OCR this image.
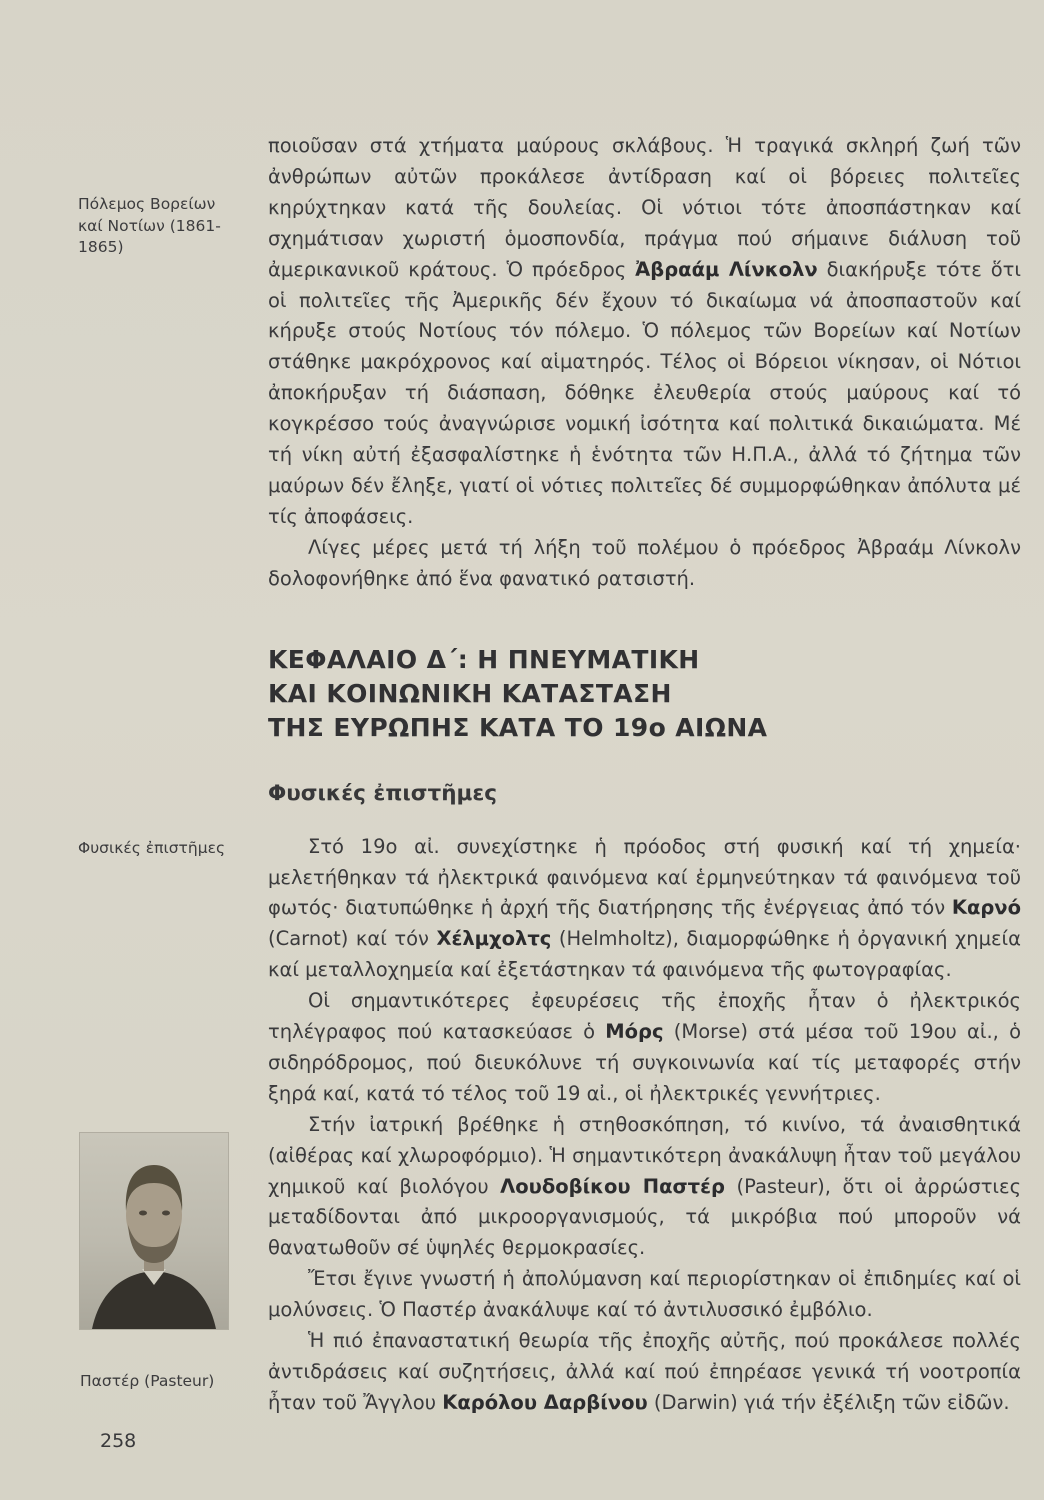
Πόλεμος Βορείων καί Νοτίων (1861-1865)
Φυσικές ἐπιστῆμες
Παστέρ (Pasteur)
258

ποιοῦσαν στά χτήματα μαύρους σκλάβους. Ἡ τραγικά σκληρή ζωή τῶν ἀνθρώπων αὐτῶν προκάλεσε ἀντίδραση καί οἱ βόρειες πολιτεῖες κηρύχτηκαν κατά τῆς δουλείας. Οἱ νότιοι τότε ἀποσπάστηκαν καί σχημάτισαν χωριστή ὁμοσπονδία, πράγμα πού σήμαινε διάλυση τοῦ ἀμερικανικοῦ κράτους. Ὁ πρόεδρος Ἀβραάμ Λίνκολν διακήρυξε τότε ὅτι οἱ πολιτεῖες τῆς Ἀμερικῆς δέν ἔχουν τό δικαίωμα νά ἀποσπαστοῦν καί κήρυξε στούς Νοτίους τόν πόλεμο. Ὁ πόλεμος τῶν Βορείων καί Νοτίων στάθηκε μακρόχρονος καί αἱματηρός. Τέλος οἱ Βόρειοι νίκησαν, οἱ Νότιοι ἀποκήρυξαν τή διάσπαση, δόθηκε ἐλευθερία στούς μαύρους καί τό κογκρέσσο τούς ἀναγνώρισε νομική ἰσότητα καί πολιτικά δικαιώματα. Μέ τή νίκη αὐτή ἐξασφαλίστηκε ἡ ἑνότητα τῶν Η.Π.Α., ἀλλά τό ζήτημα τῶν μαύρων δέν ἔληξε, γιατί οἱ νότιες πολιτεῖες δέ συμμορφώθηκαν ἀπόλυτα μέ τίς ἀποφάσεις.

Λίγες μέρες μετά τή λήξη τοῦ πολέμου ὁ πρόεδρος Ἀβραάμ Λίνκολν δολοφονήθηκε ἀπό ἕνα φανατικό ρατσιστή.

ΚΕΦΑΛΑΙΟ Δ΄: Η ΠΝΕΥΜΑΤΙΚΗ
ΚΑΙ ΚΟΙΝΩΝΙΚΗ ΚΑΤΑΣΤΑΣΗ
ΤΗΣ ΕΥΡΩΠΗΣ ΚΑΤΑ ΤΟ 19ο ΑΙΩΝΑ
Φυσικές ἐπιστῆμες

Στό 19ο αἰ. συνεχίστηκε ἡ πρόοδος στή φυσική καί τή χημεία· μελετήθηκαν τά ἠλεκτρικά φαινόμενα καί ἑρμηνεύτηκαν τά φαινόμενα τοῦ φωτός· διατυπώθηκε ἡ ἀρχή τῆς διατήρησης τῆς ἐνέργειας ἀπό τόν Καρνό (Carnot) καί τόν Χέλμχολτς (Helmholtz), διαμορφώθηκε ἡ ὀργανική χημεία καί μεταλλοχημεία καί ἐξετάστηκαν τά φαινόμενα τῆς φωτογραφίας.

Οἱ σημαντικότερες ἐφευρέσεις τῆς ἐποχῆς ἦταν ὁ ἠλεκτρικός τηλέγραφος πού κατασκεύασε ὁ Μόρς (Morse) στά μέσα τοῦ 19ου αἰ., ὁ σιδηρόδρομος, πού διευκόλυνε τή συγκοινωνία καί τίς μεταφορές στήν ξηρά καί, κατά τό τέλος τοῦ 19 αἰ., οἱ ἠλεκτρικές γεννήτριες.

Στήν ἰατρική βρέθηκε ἡ στηθοσκόπηση, τό κινίνο, τά ἀναισθητικά (αἰθέρας καί χλωροφόρμιο). Ἡ σημαντικότερη ἀνακάλυψη ἦταν τοῦ μεγάλου χημικοῦ καί βιολόγου Λουδοβίκου Παστέρ (Pasteur), ὅτι οἱ ἀρρώστιες μεταδίδονται ἀπό μικροοργανισμούς, τά μικρόβια πού μποροῦν νά θανατωθοῦν σέ ὑψηλές θερμοκρασίες.

Ἔτσι ἔγινε γνωστή ἡ ἀπολύμανση καί περιορίστηκαν οἱ ἐπιδημίες καί οἱ μολύνσεις. Ὁ Παστέρ ἀνακάλυψε καί τό ἀντιλυσσικό ἐμβόλιο.

Ἡ πιό ἐπαναστατική θεωρία τῆς ἐποχῆς αὐτῆς, πού προκάλεσε πολλές ἀντιδράσεις καί συζητήσεις, ἀλλά καί πού ἐπηρέασε γενικά τή νοοτροπία ἦταν τοῦ Ἄγγλου Καρόλου Δαρβίνου (Darwin) γιά τήν ἐξέλιξη τῶν εἰδῶν.
